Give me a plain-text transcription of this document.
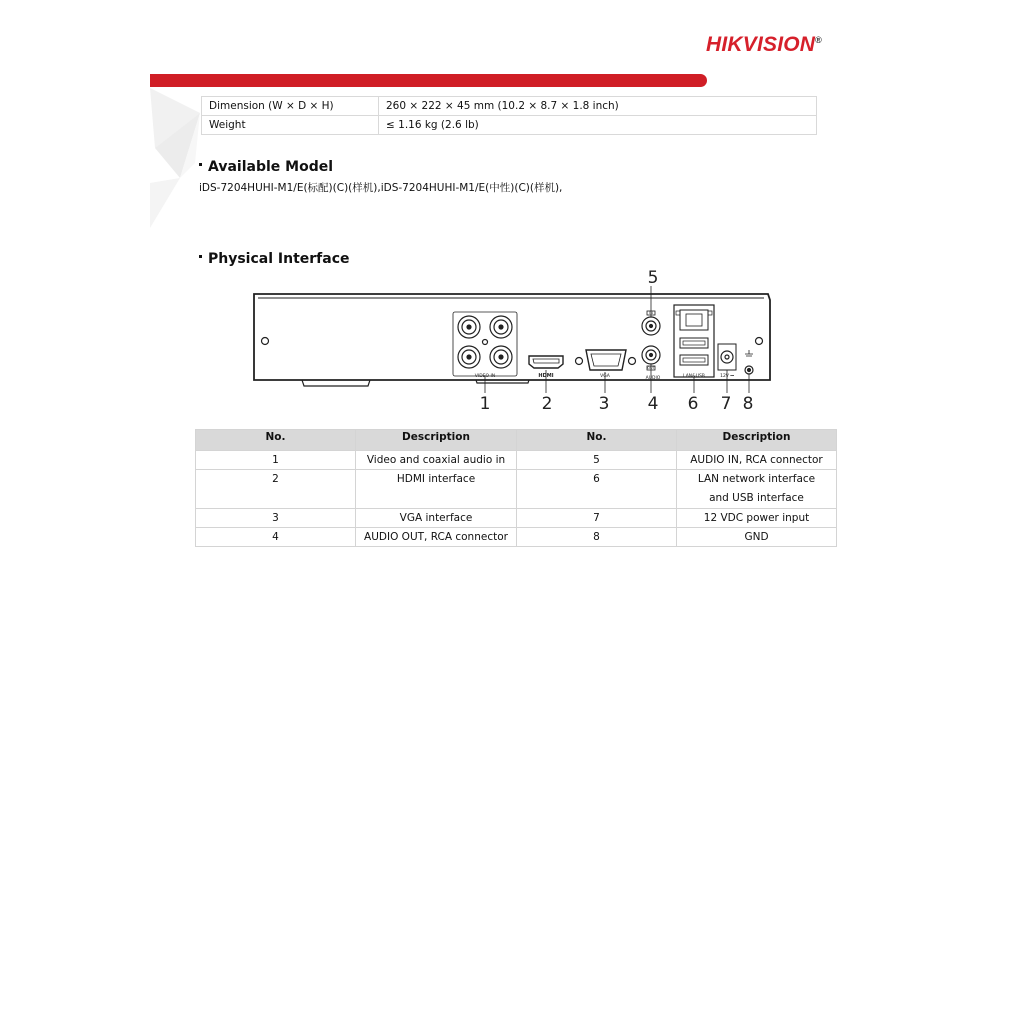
HIKVISION®
Dimension (W × D × H)	260 × 222 × 45 mm (10.2 × 8.7 × 1.8 inch)
Weight	≤ 1.16 kg (2.6 lb)
Available Model
iDS-7204HUHI-M1/E(标配)(C)(样机),iDS-7204HUHI-M1/E(中性)(C)(样机),
Physical Interface
VIDEO IN	HDMI	VGA
IN
OUT
AUDIO	LAN&USB	12V ⎓
1	2	3 4
5
6 7 8
No.	Description	No.	Description
1	Video and coaxial audio in	5	AUDIO IN, RCA connector
2	HDMI interface	6	LAN network interface and USB interface
3	VGA interface	7	12 VDC power input
4	AUDIO OUT, RCA connector	8	GND
